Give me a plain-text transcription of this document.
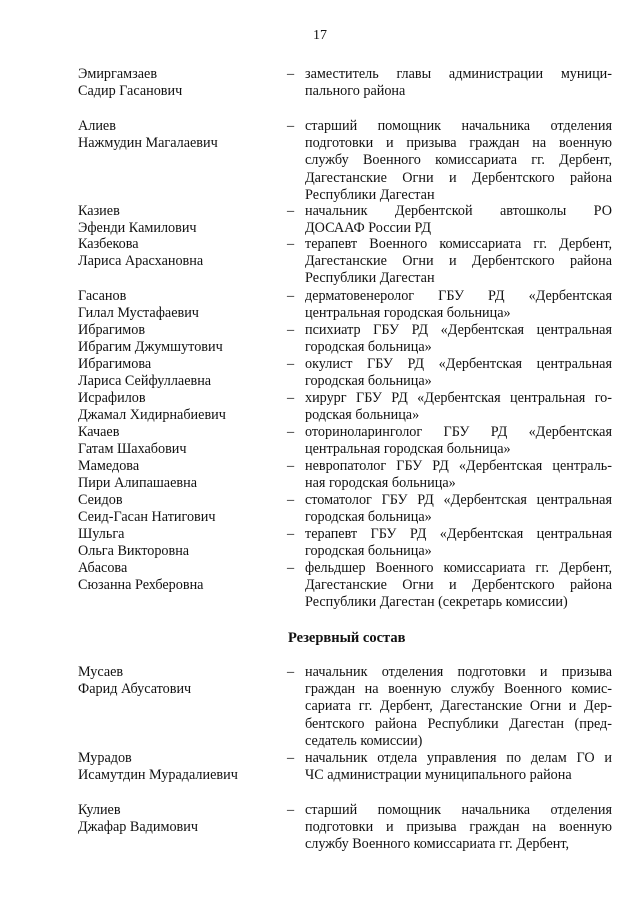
17
Эмиргамзаев
Садир Гасанович
– заместитель главы администрации муници-
пального района
Алиев
Нажмудин Магалаевич
– старший помощник начальника отделения
подготовки и призыва граждан на военную
службу Военного комиссариата гг. Дербент,
Дагестанские Огни и Дербентского района
Республики Дагестан
Казиев
Эфенди Камилович
– начальник Дербентской автошколы РО
ДОСААФ России РД
Казбекова
Лариса Арасхановна
– терапевт Военного комиссариата гг. Дербент,
Дагестанские Огни и Дербентского района
Республики Дагестан
Гасанов
Гилал Мустафаевич
– дерматовенеролог ГБУ РД «Дербентская
центральная городская больница»
Ибрагимов
Ибрагим Джумшутович
– психиатр ГБУ РД «Дербентская центральная
городская больница»
Ибрагимова
Лариса Сейфуллаевна
– окулист ГБУ РД «Дербентская центральная
городская больница»
Исрафилов
Джамал Хидирнабиевич
– хирург ГБУ РД «Дербентская центральная го-
родская больница»
Качаев
Гатам Шахабович
– оториноларинголог ГБУ РД «Дербентская
центральная городская больница»
Мамедова
Пири Алипашаевна
– невропатолог ГБУ РД «Дербентская централь-
ная городская больница»
Сеидов
Сеид-Гасан Натигович
– стоматолог ГБУ РД «Дербентская центральная
городская больница»
Шульга
Ольга Викторовна
– терапевт ГБУ РД «Дербентская центральная
городская больница»
Абасова
Сюзанна Рехберовна
– фельдшер Военного комиссариата гг. Дербент,
Дагестанские Огни и Дербентского района
Республики Дагестан (секретарь комиссии)
Резервный состав
Мусаев
Фарид Абусатович
– начальник отделения подготовки и призыва
граждан на военную службу Военного комис-
сариата гг. Дербент, Дагестанские Огни и Дер-
бентского района Республики Дагестан (пред-
седатель комиссии)
Мурадов
Исамутдин Мурадалиевич
– начальник отдела управления по делам ГО и
ЧС администрации муниципального района
Кулиев
Джафар Вадимович
– старший помощник начальника отделения
подготовки и призыва граждан на военную
службу Военного комиссариата гг. Дербент,
